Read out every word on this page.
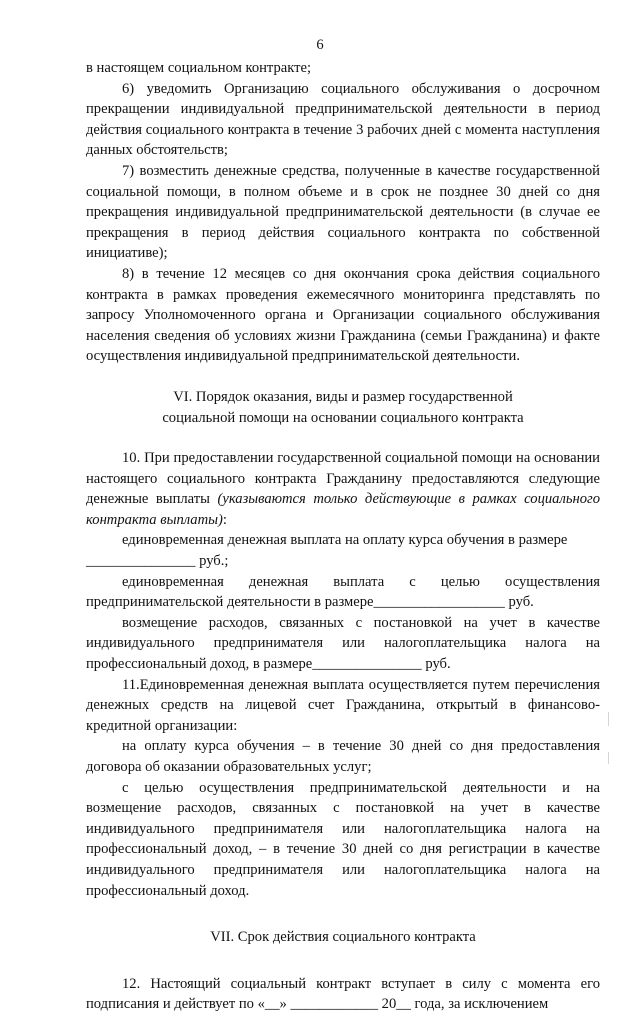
6

в настоящем социальном контракте;

6) уведомить Организацию социального обслуживания о досрочном прекращении индивидуальной предпринимательской деятельности в период действия социального контракта в течение 3 рабочих дней с момента наступления данных обстоятельств;

7) возместить денежные средства, полученные в качестве государственной социальной помощи, в полном объеме и в срок не позднее 30 дней со дня прекращения индивидуальной предпринимательской деятельности (в случае ее прекращения в период действия социального контракта по собственной инициативе);

8) в течение 12 месяцев со дня окончания срока действия социального контракта в рамках проведения ежемесячного мониторинга представлять по запросу Уполномоченного органа и Организации социального обслуживания населения сведения об условиях жизни Гражданина (семьи Гражданина) и факте осуществления индивидуальной предпринимательской деятельности.

VI. Порядок оказания, виды и размер государственной

социальной помощи на основании социального контракта

10. При предоставлении государственной социальной помощи на основании настоящего социального контракта Гражданину предоставляются следующие денежные выплаты (указываются только действующие в рамках социального контракта выплаты):

единовременная денежная выплата на оплату курса обучения в размере

_______________ руб.;

единовременная денежная выплата с целью осуществления предпринимательской деятельности в размере__________________ руб.

возмещение расходов, связанных с постановкой на учет в качестве индивидуального предпринимателя или налогоплательщика налога на профессиональный доход, в размере_______________ руб.

11.Единовременная денежная выплата осуществляется путем перечисления денежных средств на лицевой счет Гражданина, открытый в финансово-кредитной организации:

на оплату курса обучения – в течение 30 дней со дня предоставления договора об оказании образовательных услуг;

с целью осуществления предпринимательской деятельности и на возмещение расходов, связанных с постановкой на учет в качестве индивидуального предпринимателя или налогоплательщика налога на профессиональный доход, – в течение 30 дней со дня регистрации в качестве индивидуального предпринимателя или налогоплательщика налога на профессиональный доход.

VII. Срок действия социального контракта

12. Настоящий социальный контракт вступает в силу с момента его подписания и действует по «__» ____________ 20__ года, за исключением
